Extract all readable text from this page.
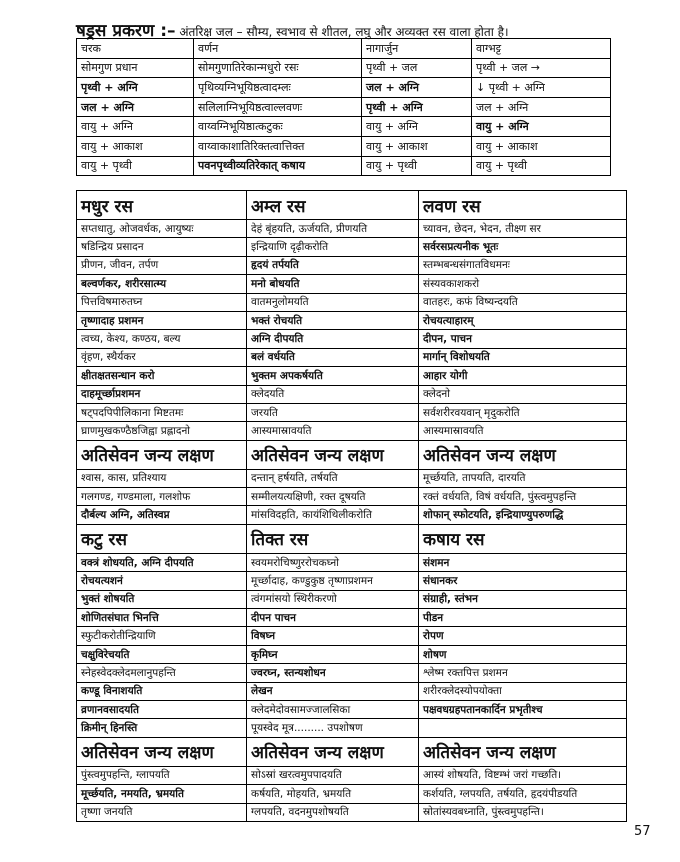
षड्रस प्रकरण :– अंतरिक्ष जल – सौम्य, स्वभाव से शीतल, लघु और अव्यक्त रस वाला होता है।
चरक	वर्णन	नागार्जुन	वाग्भट्ट
सोमगुण प्रधान	सोमगुणातिरेकान्मधुरो रसः	पृथ्वी + जल	पृथ्वी + जल →
पृथ्वी + अग्नि	पृथिव्यग्निभूयिष्ठत्वादम्लः	जल + अग्नि	↓ पृथ्वी + अग्नि
जल + अग्नि	सलिलाग्निभूयिष्ठत्वाल्लवणः	पृथ्वी + अग्नि	जल + अग्नि
वायु + अग्नि	वाय्वग्निभूयिष्ठात्कटुकः	वायु + अग्नि	वायु + अग्नि
वायु + आकाश	वाय्वाकाशातिरिक्तत्वात्तिक्त	वायु + आकाश	वायु + आकाश
वायु + पृथ्वी	पवनपृथ्वीव्यतिरेकात् कषाय	वायु + पृथ्वी	वायु + पृथ्वी
मधुर रस	अम्ल रस	लवण रस
सप्तधातु, ओजवर्धक, आयुष्यः	देहं बृंहयति, ऊर्जयति, प्रीणयति	च्यावन, छेदन, भेदन, तीक्ष्ण सर
षडिन्द्रिय प्रसादन	इन्द्रियाणि दृढ़ीकरोति	सर्वरसप्रत्यनीक भूतः
प्रीणन, जीवन, तर्पण	हृदयं तर्पयति	स्तम्भबन्धसंगातविधमनः
बल्वर्णकर, शरीरसात्म्य	मनो बोधयति	संस्यवकाशकरो
पित्तविषमारुतघ्न	वातमनुलोमयति	वातहरः, कफं विष्यन्दयति
तृष्णादाह प्रशमन	भक्तं रोचयति	रोचयत्याहारम्
त्वच्य, केश्य, कण्ठय, बल्य	अग्नि दीपयति	दीपन, पाचन
वृंहण, स्थैर्यकर	बलं वर्धयति	मार्गान् विशोधयति
क्षीतक्षतसन्धान करो	भुक्तम अपकर्षयति	आहार योगी
दाहमूर्च्छाप्रशमन	क्लेदयति	क्लेदनो
षट्पदपिपीलिकाना मिष्टतमः	जरयति	सर्वशरीरवयवान् मृदुकरोति
घ्राणमुखकण्ठैष्ठजिह्वा प्रह्लादनो	आस्यमास्रावयति	आस्यमास्रावयति
अतिसेवन जन्य लक्षण	अतिसेवन जन्य लक्षण	अतिसेवन जन्य लक्षण
श्वास, कास, प्रतिश्याय	दन्तान् हर्षयति, तर्षयति	मूर्च्छयति, तापयति, दारयति
गलगण्ड, गण्डमाला, गलशोफ	सम्मीलयत्यक्षिणी, रक्त दूषयति	रक्तं वर्धयति, विषं वर्धयति, पुंस्त्वमुपहन्ति
दौर्बल्य अग्नि, अतिस्वप्न	मांसविदहति, कायंशिथिलीकरोति	शोफान् स्फोटयति, इन्द्रियाण्युपरुणद्धि
कटु रस	तिक्त रस	कषाय रस
वक्त्रं शोधयति, अग्नि दीपयति	स्वयमरोचिष्णुररोचकघ्नो	संशमन
रोचयत्यशनं	मूर्च्छादाह, कण्डुकुष्ठ तृष्णाप्रशमन	संधानकर
भुक्तं शोषयति	त्वंगमांसयो स्थिरीकरणो	संग्राही, स्तंभन
शोणितसंघात भिनत्ति	दीपन पाचन	पीडन
स्फुटीकरोतीन्द्रियाणि	विषघ्न	रोपण
चक्षुविरेचयति	कृमिघ्न	शोषण
स्नेहस्वेदक्लेदमलानुपहन्ति	ज्वरघ्न, स्तन्यशोधन	श्लेष्म रक्तपित्त प्रशमन
कण्डू विनाशयति	लेखन	शरीरक्लेदस्योपयोक्ता
व्रणानवसादयति	क्लेदमेदोवसामज्जालसिका	पक्षवधग्रहपतानकार्दिन प्रभृतीश्च
क्रिमीन् हिनस्ति	पूयस्वेद मूत्र......... उपशोषण	
अतिसेवन जन्य लक्षण	अतिसेवन जन्य लक्षण	अतिसेवन जन्य लक्षण
पुंस्त्वमुपहन्ति, ग्लापयति	सोऽस्रां खरत्वमुपपादयति	आस्यं शोषयति, विष्टम्भं जरां गच्छति।
मूर्च्छयति, नमयति, भ्रमयति	कर्षयति, मोहयति, भ्रमयति	कर्शयति, ग्लपयति, तर्षयति, हृदयंपीडयति
तृष्णा जनयति	ग्लपयति, वदनमुपशोषयति	स्रोतांस्यवबध्नाति, पुंस्त्वमुपहन्ति।
57
